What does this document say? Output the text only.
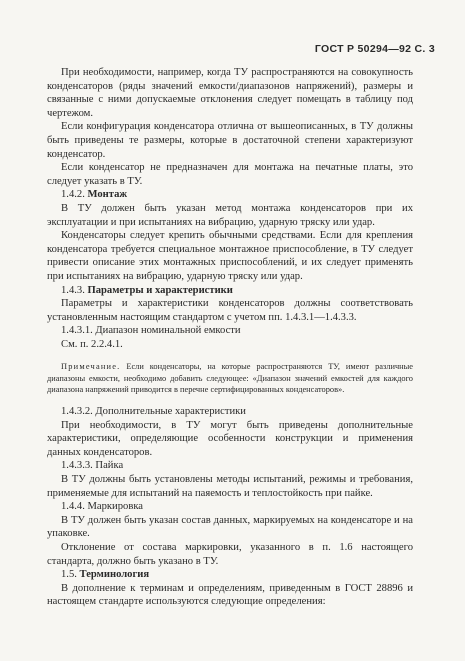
ГОСТ Р 50294—92 С. 3

При необходимости, например, когда ТУ распространяются на совокупность конденсаторов (ряды значений емкости/диапазонов напряжений), размеры и связанные с ними допускаемые отклонения следует помещать в таблицу под чертежом.

Если конфигурация конденсатора отлична от вышеописанных, в ТУ должны быть приведены те размеры, которые в достаточной степени характеризуют конденсатор.

Если конденсатор не предназначен для монтажа на печатные платы, это следует указать в ТУ.

1.4.2. Монтаж

В ТУ должен быть указан метод монтажа конденсаторов при их эксплуатации и при испытаниях на вибрацию, ударную тряску или удар.

Конденсаторы следует крепить обычными средствами. Если для крепления конденсатора требуется специальное монтажное приспособление, в ТУ следует привести описание этих монтажных приспособлений, и их следует применять при испытаниях на вибрацию, ударную тряску или удар.

1.4.3. Параметры и характеристики

Параметры и характеристики конденсаторов должны соответствовать установленным настоящим стандартом с учетом пп. 1.4.3.1—1.4.3.3.

1.4.3.1. Диапазон номинальной емкости

См. п. 2.2.4.1.

Примечание. Если конденсаторы, на которые распространяются ТУ, имеют различные диапазоны емкости, необходимо добавить следующее: «Диапазон значений емкостей для каждого диапазона напряжений приводится в перечне сертифицированных конденсаторов».

1.4.3.2. Дополнительные характеристики

При необходимости, в ТУ могут быть приведены дополнительные характеристики, определяющие особенности конструкции и применения данных конденсаторов.

1.4.3.3. Пайка

В ТУ должны быть установлены методы испытаний, режимы и требования, применяемые для испытаний на паяемость и теплостойкость при пайке.

1.4.4. Маркировка

В ТУ должен быть указан состав данных, маркируемых на конденсаторе и на упаковке.

Отклонение от состава маркировки, указанного в п. 1.6 настоящего стандарта, должно быть указано в ТУ.

1.5. Терминология

В дополнение к терминам и определениям, приведенным в ГОСТ 28896 и настоящем стандарте используются следующие определения:
